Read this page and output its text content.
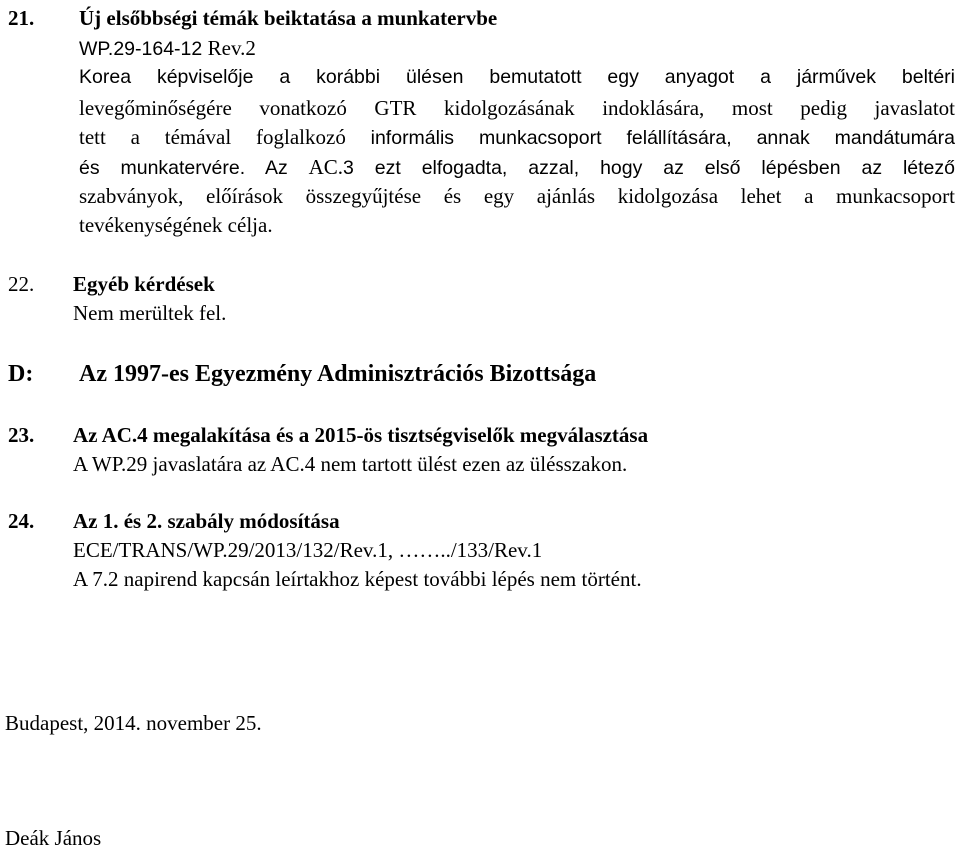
21. Új elsőbbségi témák beiktatása a munkatervbe
WP.29-164-12 Rev.2
Korea képviselője a korábbi ülésen bemutatott egy anyagot a járművek beltéri
levegőminőségére vonatkozó GTR kidolgozásának indoklására, most pedig javaslatot
tett a témával foglalkozó informális munkacsoport felállítására, annak mandátumára
és munkatervére. Az AC.3 ezt elfogadta, azzal, hogy az első lépésben az létező
szabványok, előírások összegyűjtése és egy ajánlás kidolgozása lehet a munkacsoport
tevékenységének célja.
22. Egyéb kérdések
Nem merültek fel.
D: Az 1997-es Egyezmény Adminisztrációs Bizottsága
23. Az AC.4 megalakítása és a 2015-ös tisztségviselők megválasztása
A WP.29 javaslatára az AC.4 nem tartott ülést ezen az ülésszakon.
24. Az 1. és 2. szabály módosítása
ECE/TRANS/WP.29/2013/132/Rev.1, ……../133/Rev.1
A 7.2 napirend kapcsán leírtakhoz képest további lépés nem történt.
Budapest, 2014. november 25.
Deák János
